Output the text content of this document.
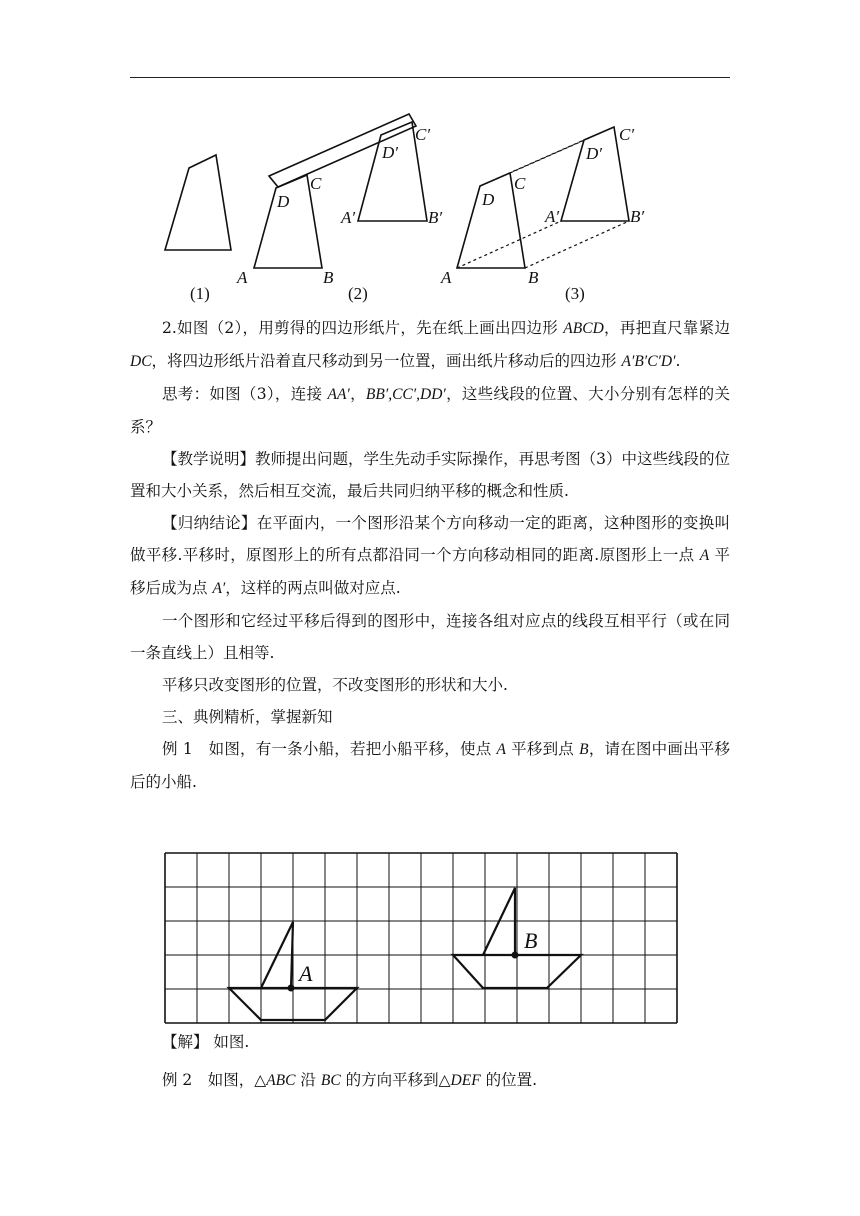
D
C
A	B
D′
C′
A′	B′
D
C
A	B
D′
C′
A′	B′
(1)	(2)	(3)

2.如图（2），用剪得的四边形纸片，先在纸上画出四边形 ABCD，再把直尺靠紧边 DC，将四边形纸片沿着直尺移动到另一位置，画出纸片移动后的四边形 A′B′C′D′.

思考：如图（3），连接 AA′，BB′,CC′,DD′，这些线段的位置、大小分别有怎样的关系？

【教学说明】教师提出问题，学生先动手实际操作，再思考图（3）中这些线段的位置和大小关系，然后相互交流，最后共同归纳平移的概念和性质.

【归纳结论】在平面内，一个图形沿某个方向移动一定的距离，这种图形的变换叫做平移.平移时，原图形上的所有点都沿同一个方向移动相同的距离.原图形上一点 A 平移后成为点 A′，这样的两点叫做对应点.

一个图形和它经过平移后得到的图形中，连接各组对应点的线段互相平行（或在同一条直线上）且相等.

平移只改变图形的位置，不改变图形的形状和大小.

三、典例精析，掌握新知

例 1　如图，有一条小船，若把小船平移，使点 A 平移到点 B，请在图中画出平移后的小船.

A
B
【解】 如图.
例 2　如图，△ABC 沿 BC 的方向平移到△DEF 的位置.
